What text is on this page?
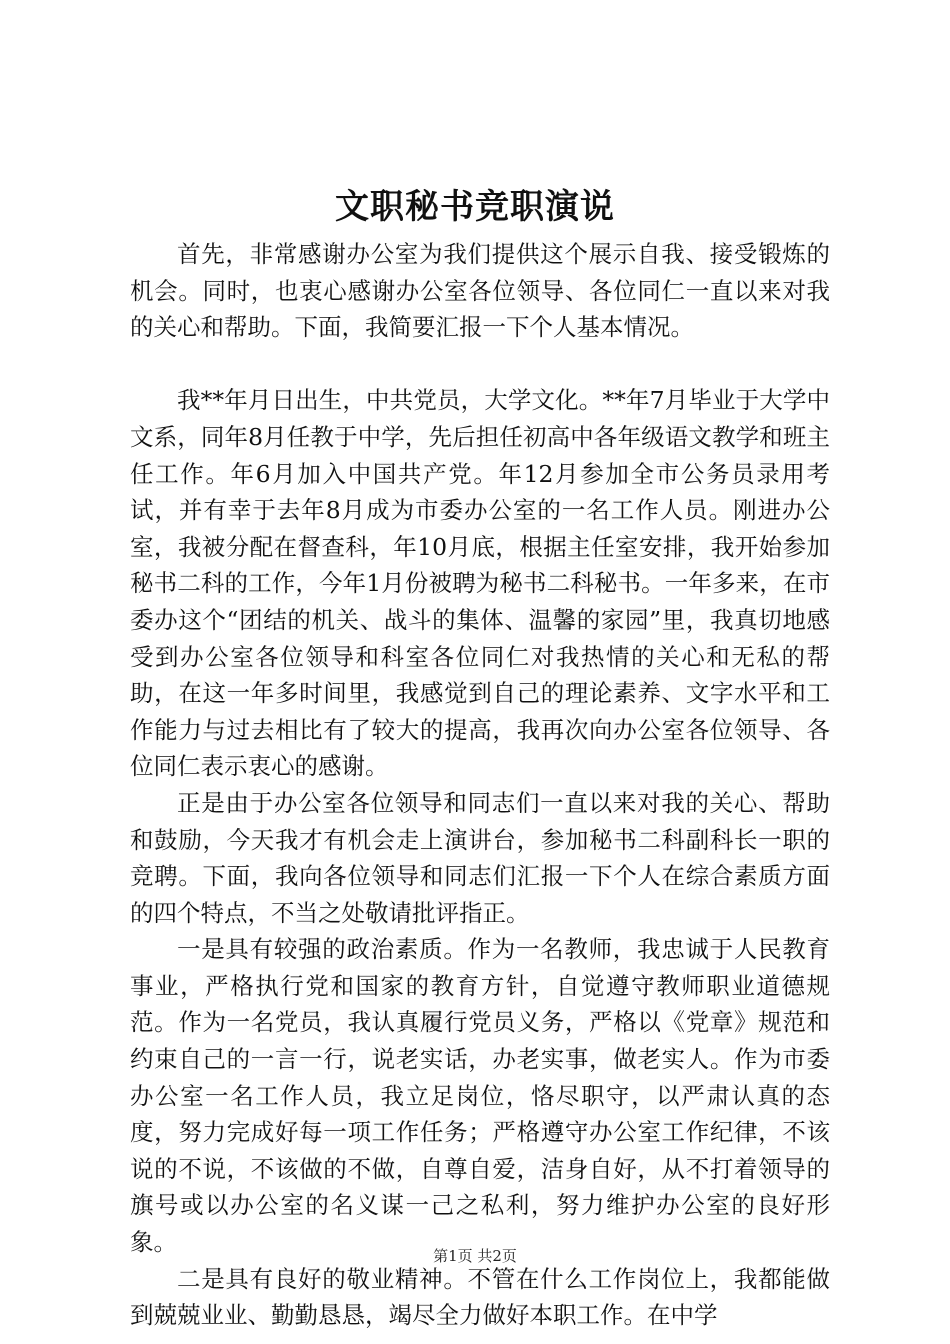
文职秘书竞职演说

首先，非常感谢办公室为我们提供这个展示自我、接受锻炼的机会。同时，也衷心感谢办公室各位领导、各位同仁一直以来对我的关心和帮助。下面，我简要汇报一下个人基本情况。

我**年月日出生，中共党员，大学文化。**年7月毕业于大学中文系，同年8月任教于中学，先后担任初高中各年级语文教学和班主任工作。年6月加入中国共产党。年12月参加全市公务员录用考试，并有幸于去年8月成为市委办公室的一名工作人员。刚进办公室，我被分配在督查科，年10月底，根据主任室安排，我开始参加秘书二科的工作，今年1月份被聘为秘书二科秘书。一年多来，在市委办这个“团结的机关、战斗的集体、温馨的家园”里，我真切地感受到办公室各位领导和科室各位同仁对我热情的关心和无私的帮助，在这一年多时间里，我感觉到自己的理论素养、文字水平和工作能力与过去相比有了较大的提高，我再次向办公室各位领导、各位同仁表示衷心的感谢。

正是由于办公室各位领导和同志们一直以来对我的关心、帮助和鼓励，今天我才有机会走上演讲台，参加秘书二科副科长一职的竞聘。下面，我向各位领导和同志们汇报一下个人在综合素质方面的四个特点，不当之处敬请批评指正。

一是具有较强的政治素质。作为一名教师，我忠诚于人民教育事业，严格执行党和国家的教育方针，自觉遵守教师职业道德规范。作为一名党员，我认真履行党员义务，严格以《党章》规范和约束自己的一言一行，说老实话，办老实事，做老实人。作为市委办公室一名工作人员，我立足岗位，恪尽职守，以严肃认真的态度，努力完成好每一项工作任务；严格遵守办公室工作纪律，不该说的不说，不该做的不做，自尊自爱，洁身自好，从不打着领导的旗号或以办公室的名义谋一己之私利，努力维护办公室的良好形象。

二是具有良好的敬业精神。不管在什么工作岗位上，我都能做到兢兢业业、勤勤恳恳，竭尽全力做好本职工作。在中学

第1页 共2页
